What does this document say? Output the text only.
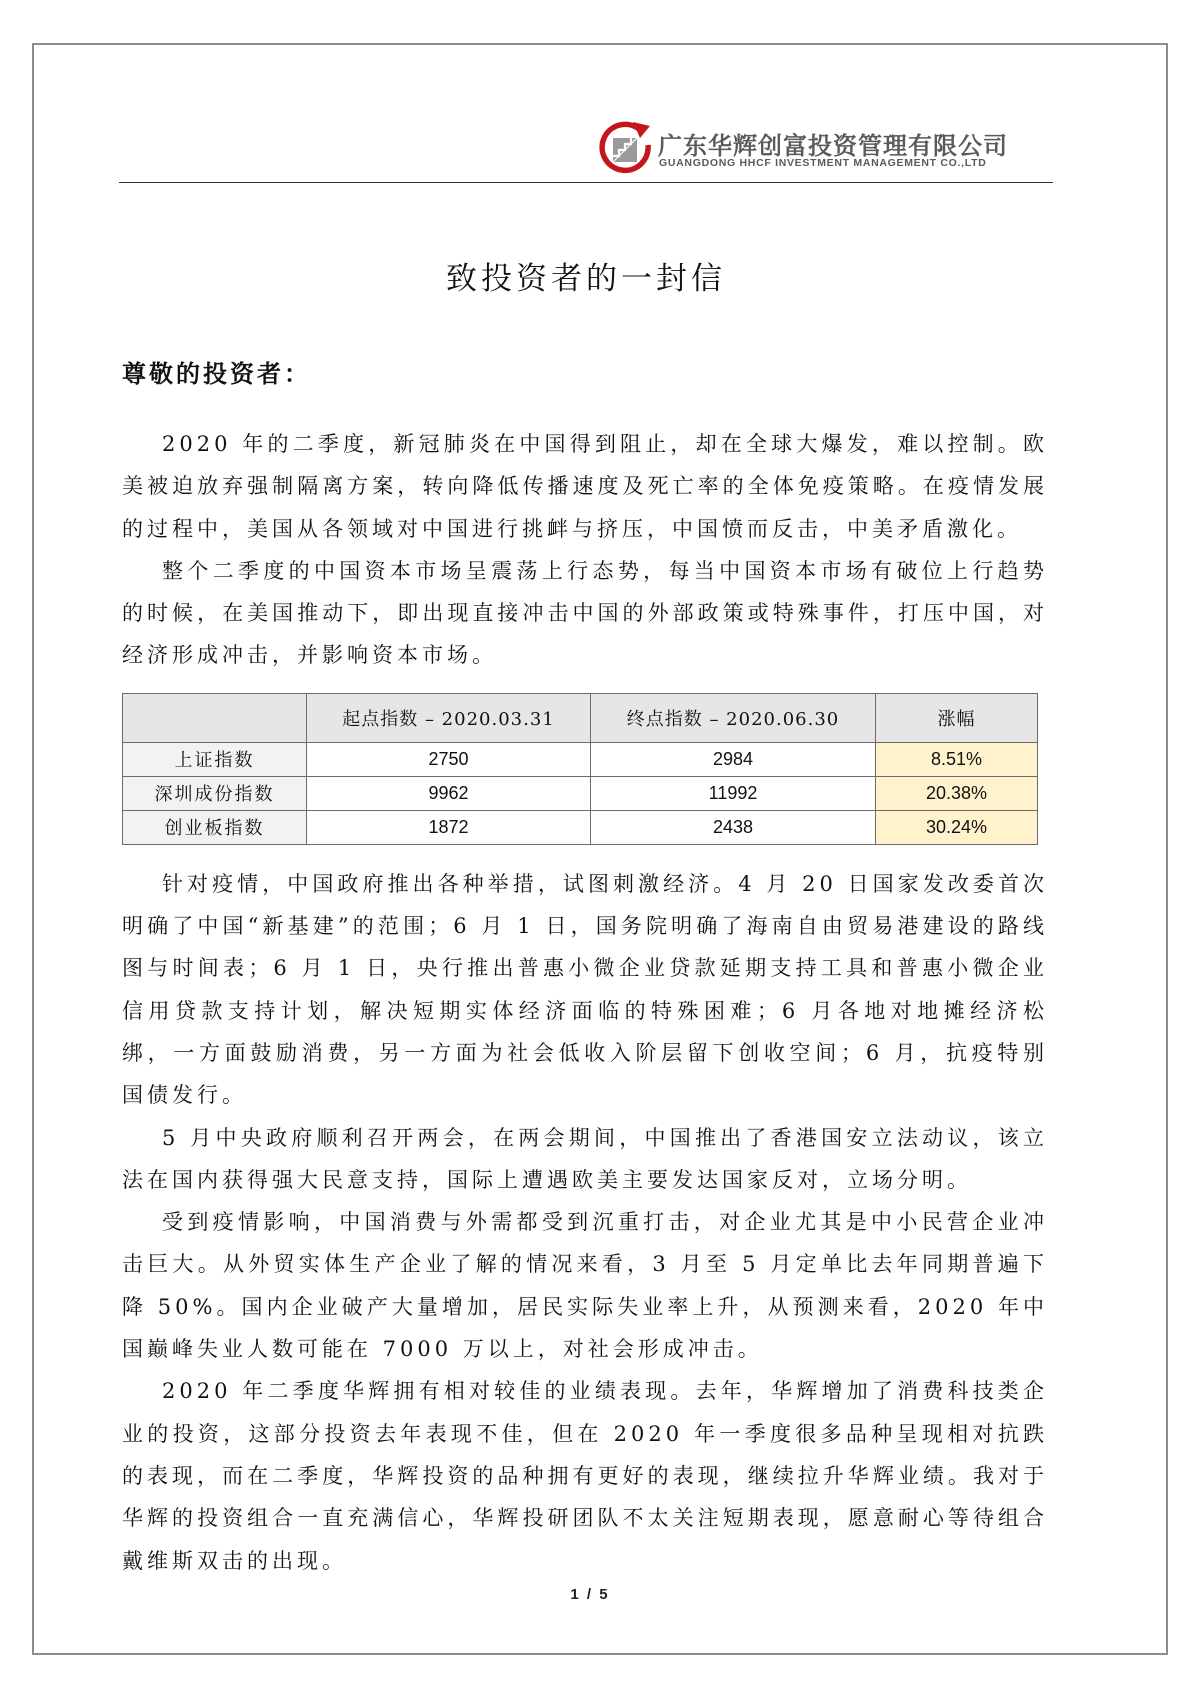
广东华辉创富投资管理有限公司
GUANGDONG HHCF INVESTMENT MANAGEMENT CO.,LTD
致投资者的一封信
尊敬的投资者：

2020 年的二季度，新冠肺炎在中国得到阻止，却在全球大爆发，难以控制。欧美被迫放弃强制隔离方案，转向降低传播速度及死亡率的全体免疫策略。在疫情发展的过程中，美国从各领域对中国进行挑衅与挤压，中国愤而反击，中美矛盾激化。

整个二季度的中国资本市场呈震荡上行态势，每当中国资本市场有破位上行趋势的时候，在美国推动下，即出现直接冲击中国的外部政策或特殊事件，打压中国，对经济形成冲击，并影响资本市场。

	起点指数 – 2020.03.31	终点指数 – 2020.06.30	涨幅
上证指数	2750	2984	8.51%
深圳成份指数	9962	11992	20.38%
创业板指数	1872	2438	30.24%

针对疫情，中国政府推出各种举措，试图刺激经济。4 月 20 日国家发改委首次明确了中国“新基建”的范围；6 月 1 日，国务院明确了海南自由贸易港建设的路线图与时间表；6 月 1 日，央行推出普惠小微企业贷款延期支持工具和普惠小微企业信用贷款支持计划，解决短期实体经济面临的特殊困难；6 月各地对地摊经济松绑，一方面鼓励消费，另一方面为社会低收入阶层留下创收空间；6 月，抗疫特别国债发行。

5 月中央政府顺利召开两会，在两会期间，中国推出了香港国安立法动议，该立法在国内获得强大民意支持，国际上遭遇欧美主要发达国家反对，立场分明。

受到疫情影响，中国消费与外需都受到沉重打击，对企业尤其是中小民营企业冲击巨大。从外贸实体生产企业了解的情况来看，3 月至 5 月定单比去年同期普遍下降 50%。国内企业破产大量增加，居民实际失业率上升，从预测来看，2020 年中国巅峰失业人数可能在 7000 万以上，对社会形成冲击。

2020 年二季度华辉拥有相对较佳的业绩表现。去年，华辉增加了消费科技类企业的投资，这部分投资去年表现不佳，但在 2020 年一季度很多品种呈现相对抗跌的表现，而在二季度，华辉投资的品种拥有更好的表现，继续拉升华辉业绩。我对于华辉的投资组合一直充满信心，华辉投研团队不太关注短期表现，愿意耐心等待组合戴维斯双击的出现。

1 / 5
